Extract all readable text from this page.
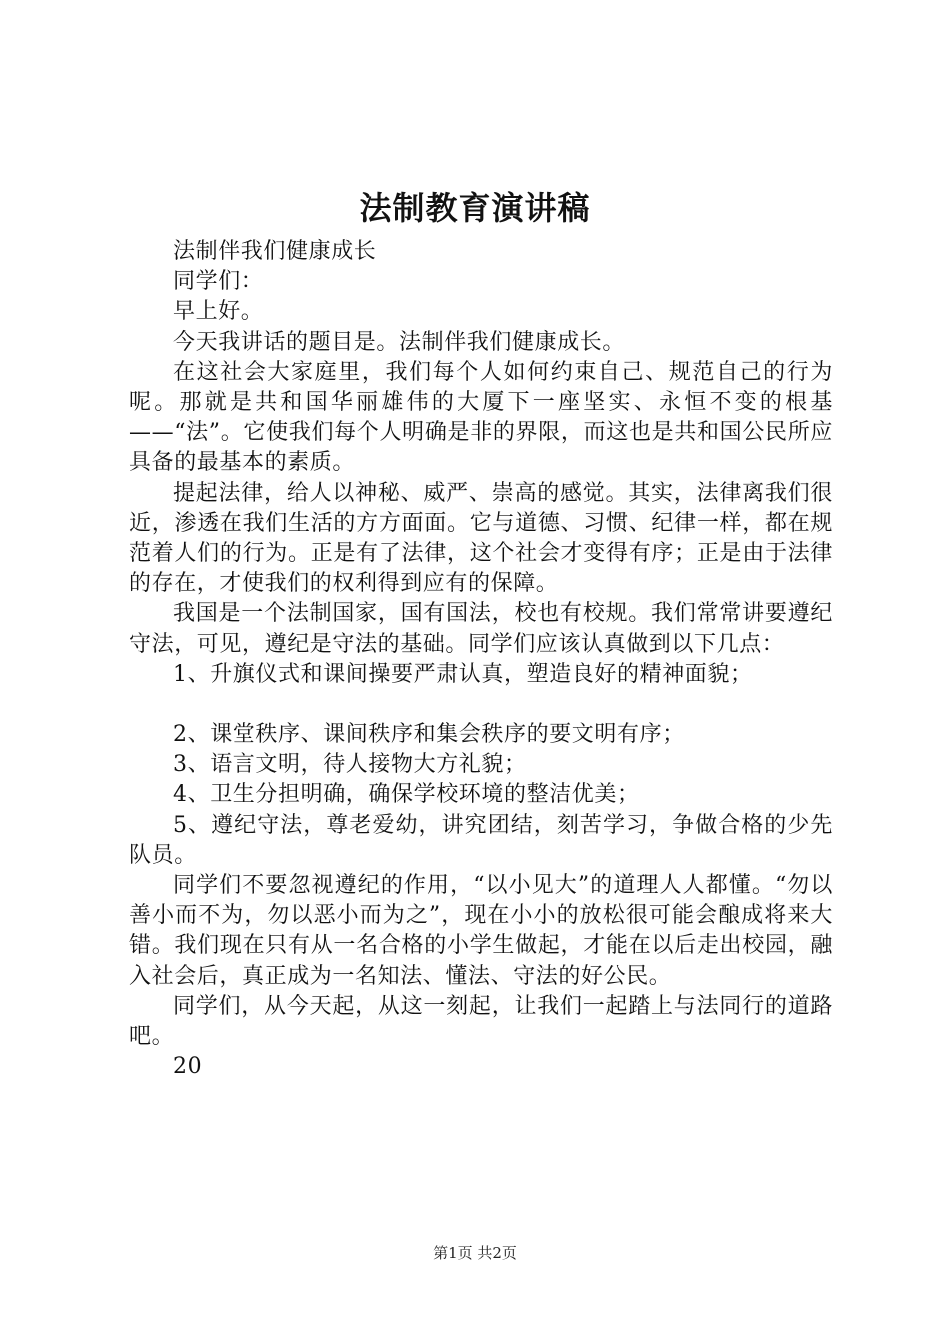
法制教育演讲稿

法制伴我们健康成长

同学们：

早上好。

今天我讲话的题目是。法制伴我们健康成长。

在这社会大家庭里，我们每个人如何约束自己、规范自己的行为呢。那就是共和国华丽雄伟的大厦下一座坚实、永恒不变的根基——“法”。它使我们每个人明确是非的界限，而这也是共和国公民所应具备的最基本的素质。

提起法律，给人以神秘、威严、崇高的感觉。其实，法律离我们很近，渗透在我们生活的方方面面。它与道德、习惯、纪律一样，都在规范着人们的行为。正是有了法律，这个社会才变得有序；正是由于法律的存在，才使我们的权利得到应有的保障。

我国是一个法制国家，国有国法，校也有校规。我们常常讲要遵纪守法，可见，遵纪是守法的基础。同学们应该认真做到以下几点：

1、升旗仪式和课间操要严肃认真，塑造良好的精神面貌；

2、课堂秩序、课间秩序和集会秩序的要文明有序；

3、语言文明，待人接物大方礼貌；

4、卫生分担明确，确保学校环境的整洁优美；

5、遵纪守法，尊老爱幼，讲究团结，刻苦学习，争做合格的少先队员。

同学们不要忽视遵纪的作用，“以小见大”的道理人人都懂。“勿以善小而不为，勿以恶小而为之”，现在小小的放松很可能会酿成将来大错。我们现在只有从一名合格的小学生做起，才能在以后走出校园，融入社会后，真正成为一名知法、懂法、守法的好公民。

同学们，从今天起，从这一刻起，让我们一起踏上与法同行的道路吧。

20

第1页 共2页
